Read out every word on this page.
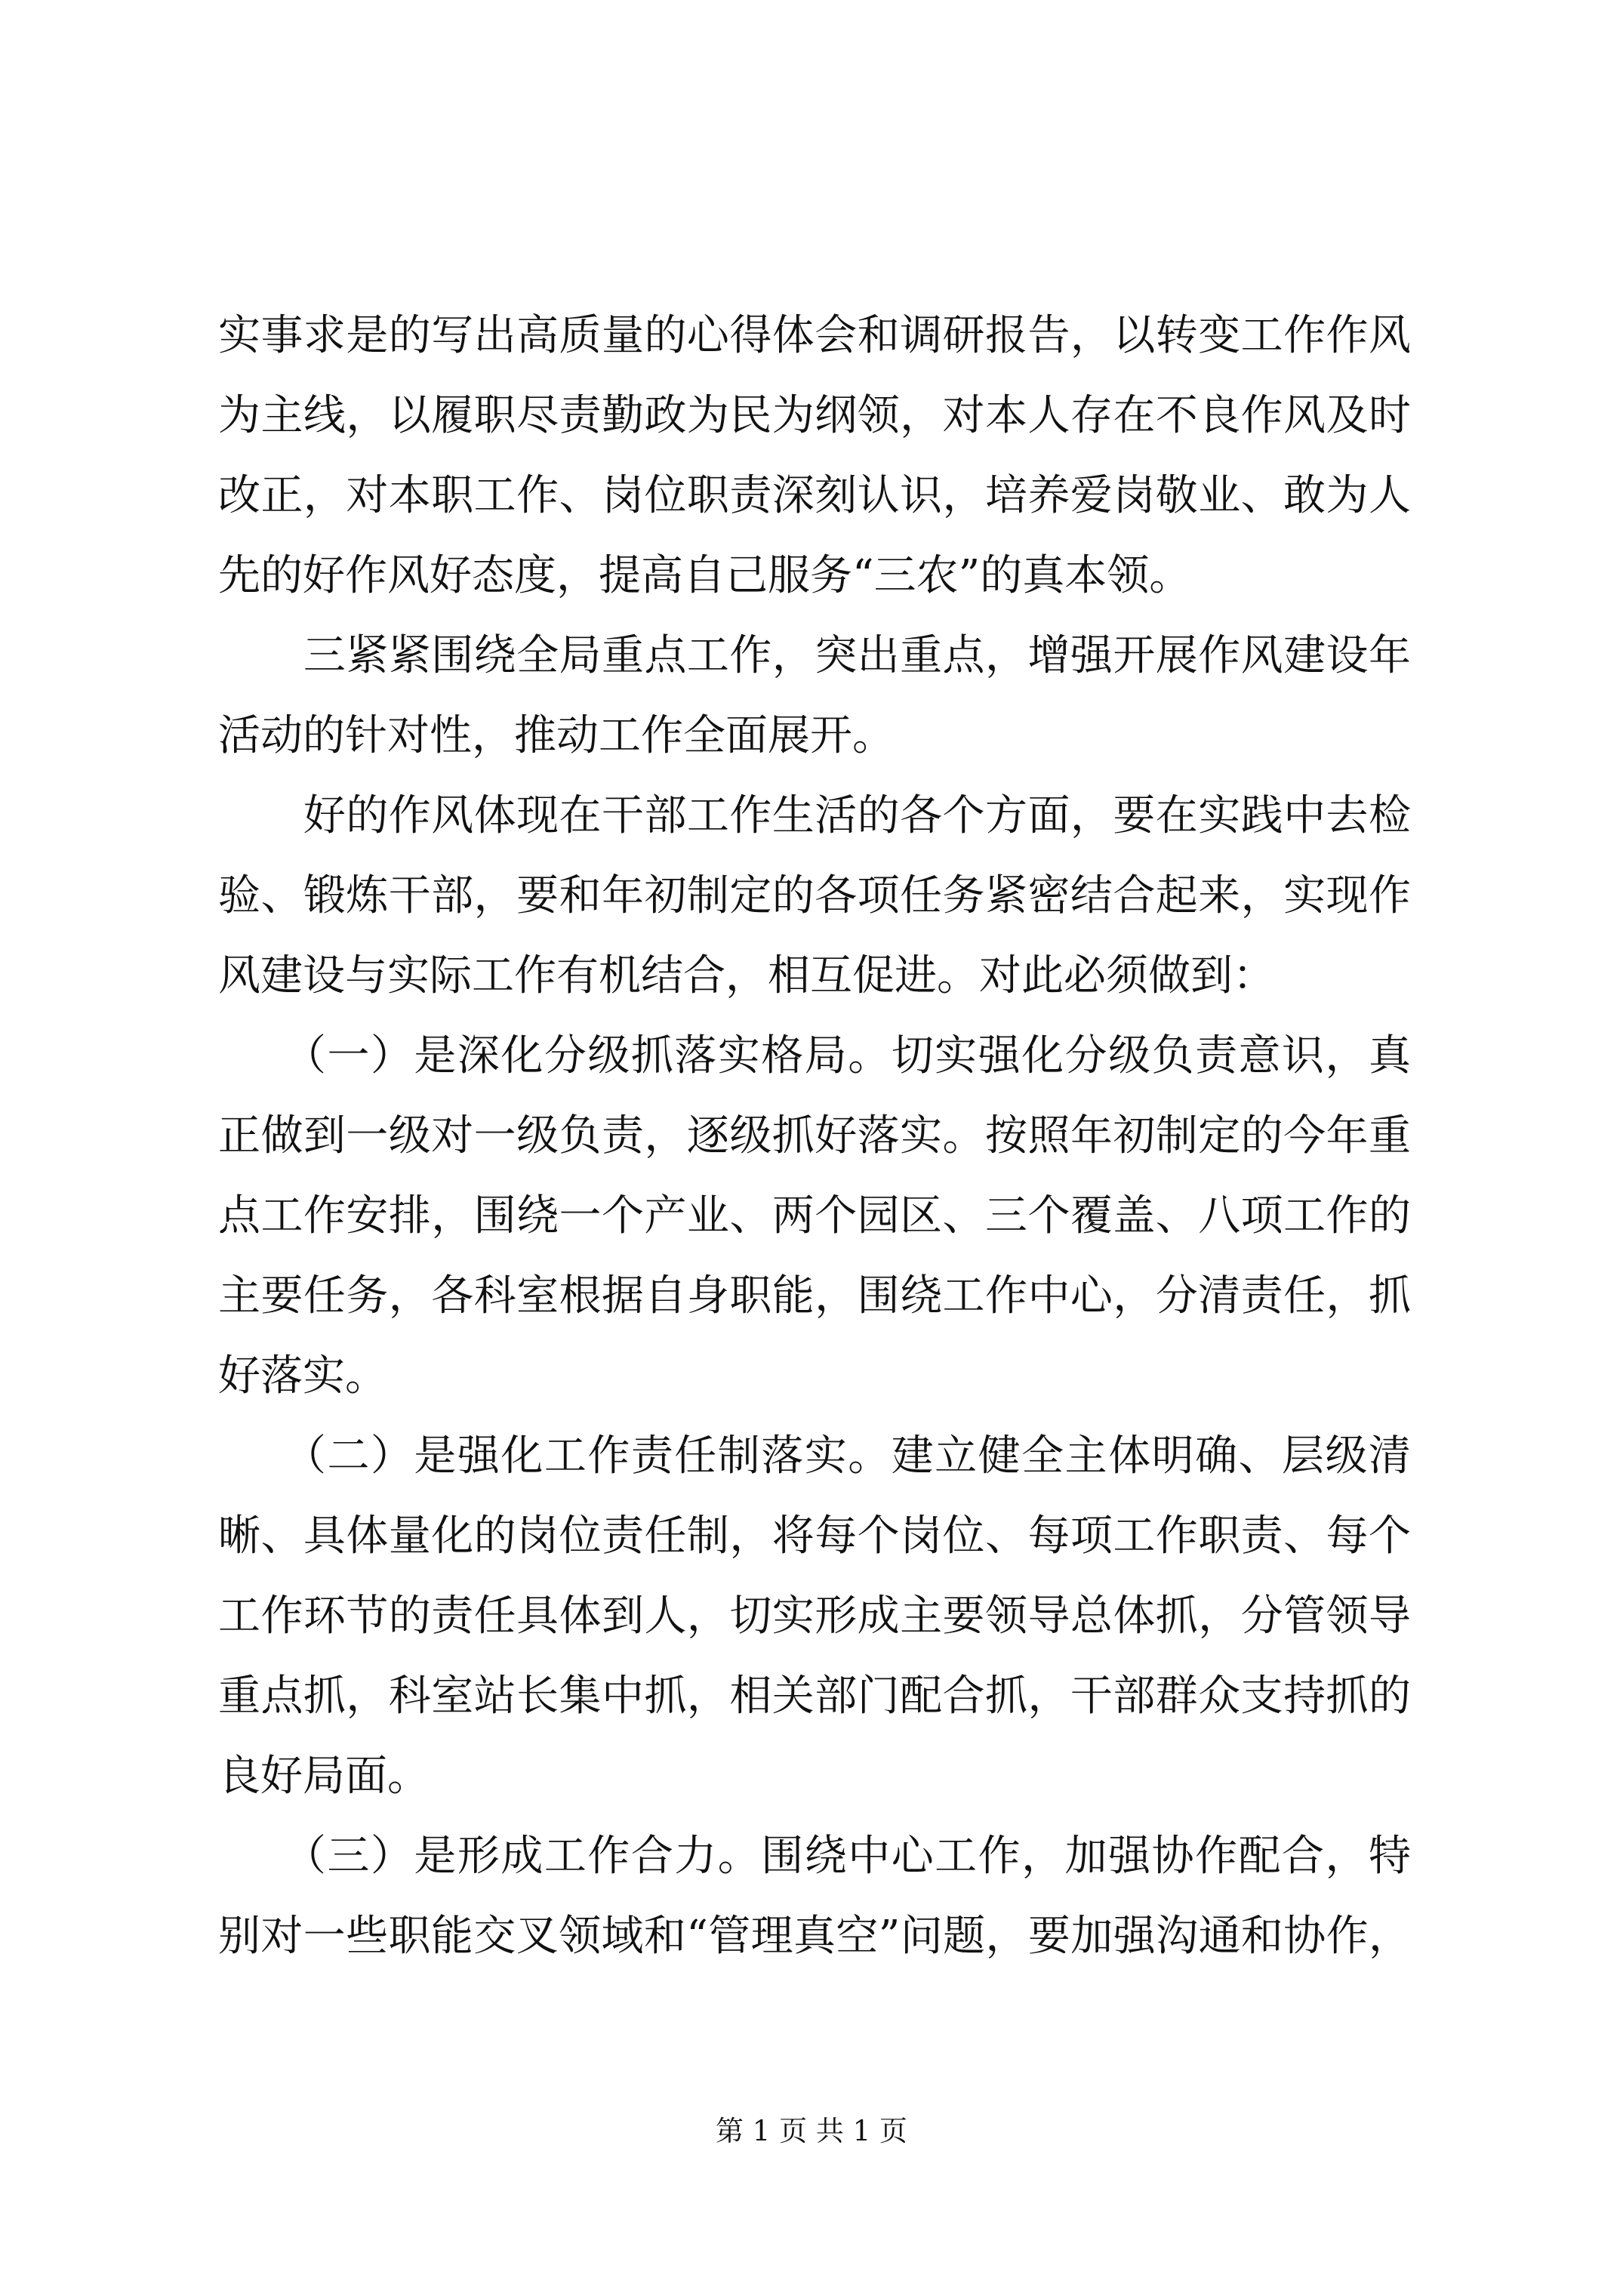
实事求是的写出高质量的心得体会和调研报告，以转变工作作风
为主线，以履职尽责勤政为民为纲领，对本人存在不良作风及时
改正，对本职工作、岗位职责深刻认识，培养爱岗敬业、敢为人
先的好作风好态度，提高自己服务“三农”的真本领。
　　三紧紧围绕全局重点工作，突出重点，增强开展作风建设年
活动的针对性，推动工作全面展开。
　　好的作风体现在干部工作生活的各个方面，要在实践中去检
验、锻炼干部，要和年初制定的各项任务紧密结合起来，实现作
风建设与实际工作有机结合，相互促进。对此必须做到：
　　（一）是深化分级抓落实格局。切实强化分级负责意识，真
正做到一级对一级负责，逐级抓好落实。按照年初制定的今年重
点工作安排，围绕一个产业、两个园区、三个覆盖、八项工作的
主要任务，各科室根据自身职能，围绕工作中心，分清责任，抓
好落实。
　　（二）是强化工作责任制落实。建立健全主体明确、层级清
晰、具体量化的岗位责任制，将每个岗位、每项工作职责、每个
工作环节的责任具体到人，切实形成主要领导总体抓，分管领导
重点抓，科室站长集中抓，相关部门配合抓，干部群众支持抓的
良好局面。
　　（三）是形成工作合力。围绕中心工作，加强协作配合，特
别对一些职能交叉领域和“管理真空”问题，要加强沟通和协作，
第 1 页 共 1 页
